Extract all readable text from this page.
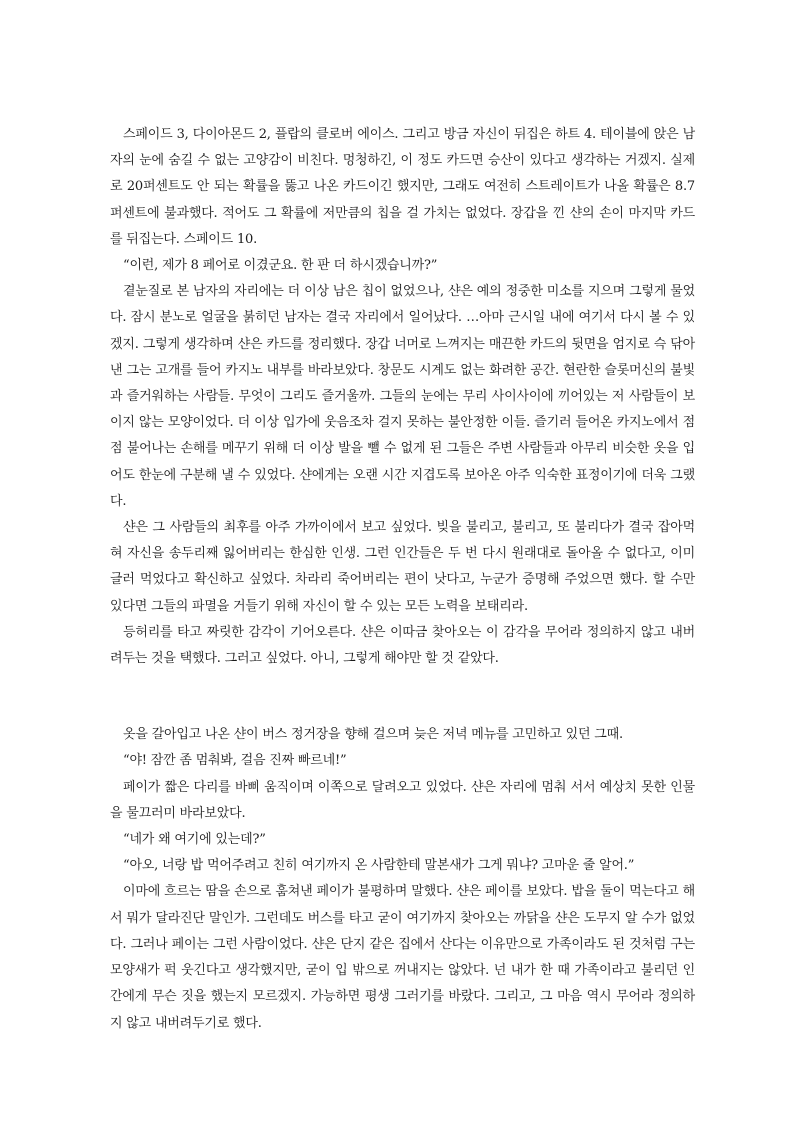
스페이드 3, 다이아몬드 2, 플랍의 클로버 에이스. 그리고 방금 자신이 뒤집은 하트 4. 테이블에 앉은 남자의 눈에 숨길 수 없는 고양감이 비친다. 멍청하긴, 이 정도 카드면 승산이 있다고 생각하는 거겠지. 실제로 20퍼센트도 안 되는 확률을 뚫고 나온 카드이긴 했지만, 그래도 여전히 스트레이트가 나올 확률은 8.7퍼센트에 불과했다. 적어도 그 확률에 저만큼의 칩을 걸 가치는 없었다. 장갑을 낀 샨의 손이 마지막 카드를 뒤집는다. 스페이드 10.

“이런, 제가 8 페어로 이겼군요. 한 판 더 하시겠습니까?”

곁눈질로 본 남자의 자리에는 더 이상 남은 칩이 없었으나, 샨은 예의 정중한 미소를 지으며 그렇게 물었다. 잠시 분노로 얼굴을 붉히던 남자는 결국 자리에서 일어났다. …아마 근시일 내에 여기서 다시 볼 수 있겠지. 그렇게 생각하며 샨은 카드를 정리했다. 장갑 너머로 느껴지는 매끈한 카드의 뒷면을 엄지로 슥 닦아낸 그는 고개를 들어 카지노 내부를 바라보았다. 창문도 시계도 없는 화려한 공간. 현란한 슬롯머신의 불빛과 즐거워하는 사람들. 무엇이 그리도 즐거울까. 그들의 눈에는 무리 사이사이에 끼어있는 저 사람들이 보이지 않는 모양이었다. 더 이상 입가에 웃음조차 걸지 못하는 불안정한 이들. 즐기러 들어온 카지노에서 점점 불어나는 손해를 메꾸기 위해 더 이상 발을 뺄 수 없게 된 그들은 주변 사람들과 아무리 비슷한 옷을 입어도 한눈에 구분해 낼 수 있었다. 샨에게는 오랜 시간 지겹도록 보아온 아주 익숙한 표정이기에 더욱 그랬다.

샨은 그 사람들의 최후를 아주 가까이에서 보고 싶었다. 빚을 불리고, 불리고, 또 불리다가 결국 잡아먹혀 자신을 송두리째 잃어버리는 한심한 인생. 그런 인간들은 두 번 다시 원래대로 돌아올 수 없다고, 이미 글러 먹었다고 확신하고 싶었다. 차라리 죽어버리는 편이 낫다고, 누군가 증명해 주었으면 했다. 할 수만 있다면 그들의 파멸을 거들기 위해 자신이 할 수 있는 모든 노력을 보태리라.

등허리를 타고 짜릿한 감각이 기어오른다. 샨은 이따금 찾아오는 이 감각을 무어라 정의하지 않고 내버려두는 것을 택했다. 그러고 싶었다. 아니, 그렇게 해야만 할 것 같았다.

옷을 갈아입고 나온 샨이 버스 정거장을 향해 걸으며 늦은 저녁 메뉴를 고민하고 있던 그때.

“야! 잠깐 좀 멈춰봐, 걸음 진짜 빠르네!”

페이가 짧은 다리를 바삐 움직이며 이쪽으로 달려오고 있었다. 샨은 자리에 멈춰 서서 예상치 못한 인물을 물끄러미 바라보았다.

“네가 왜 여기에 있는데?”

“아오, 너랑 밥 먹어주려고 친히 여기까지 온 사람한테 말본새가 그게 뭐냐? 고마운 줄 알어.”

이마에 흐르는 땀을 손으로 훔쳐낸 페이가 불평하며 말했다. 샨은 페이를 보았다. 밥을 둘이 먹는다고 해서 뭐가 달라진단 말인가. 그런데도 버스를 타고 굳이 여기까지 찾아오는 까닭을 샨은 도무지 알 수가 없었다. 그러나 페이는 그런 사람이었다. 샨은 단지 같은 집에서 산다는 이유만으로 가족이라도 된 것처럼 구는 모양새가 퍽 웃긴다고 생각했지만, 굳이 입 밖으로 꺼내지는 않았다. 넌 내가 한 때 가족이라고 불리던 인간에게 무슨 짓을 했는지 모르겠지. 가능하면 평생 그러기를 바랐다. 그리고, 그 마음 역시 무어라 정의하지 않고 내버려두기로 했다.
